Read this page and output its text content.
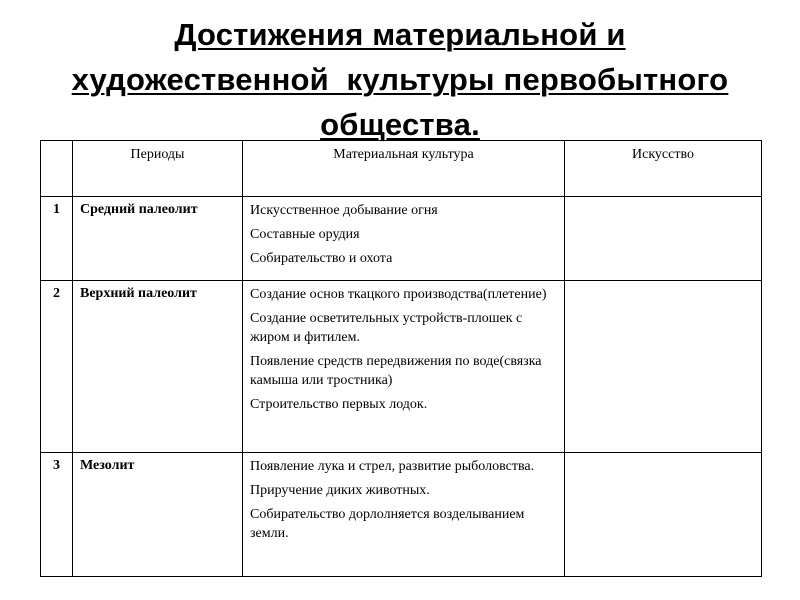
Достижения материальной и
художественной  культуры первобытного
общества.
	Периоды	Материальная культура	Искусство
1	Средний палеолит	Искусственное добывание огня
Составные орудия
Собирательство и охота	

2	Верхний палеолит	Создание основ ткацкого производства(плетение)
Создание осветительных устройств-плошек с жиром и фитилем.
Появление средств передвижения по воде(связка камыша или тростника)
Строительство первых лодок.	

3	Мезолит	Появление лука и стрел, развитие рыболовства.
Приручение диких животных.
Собирательство дорлолняется возделыванием земли.	
